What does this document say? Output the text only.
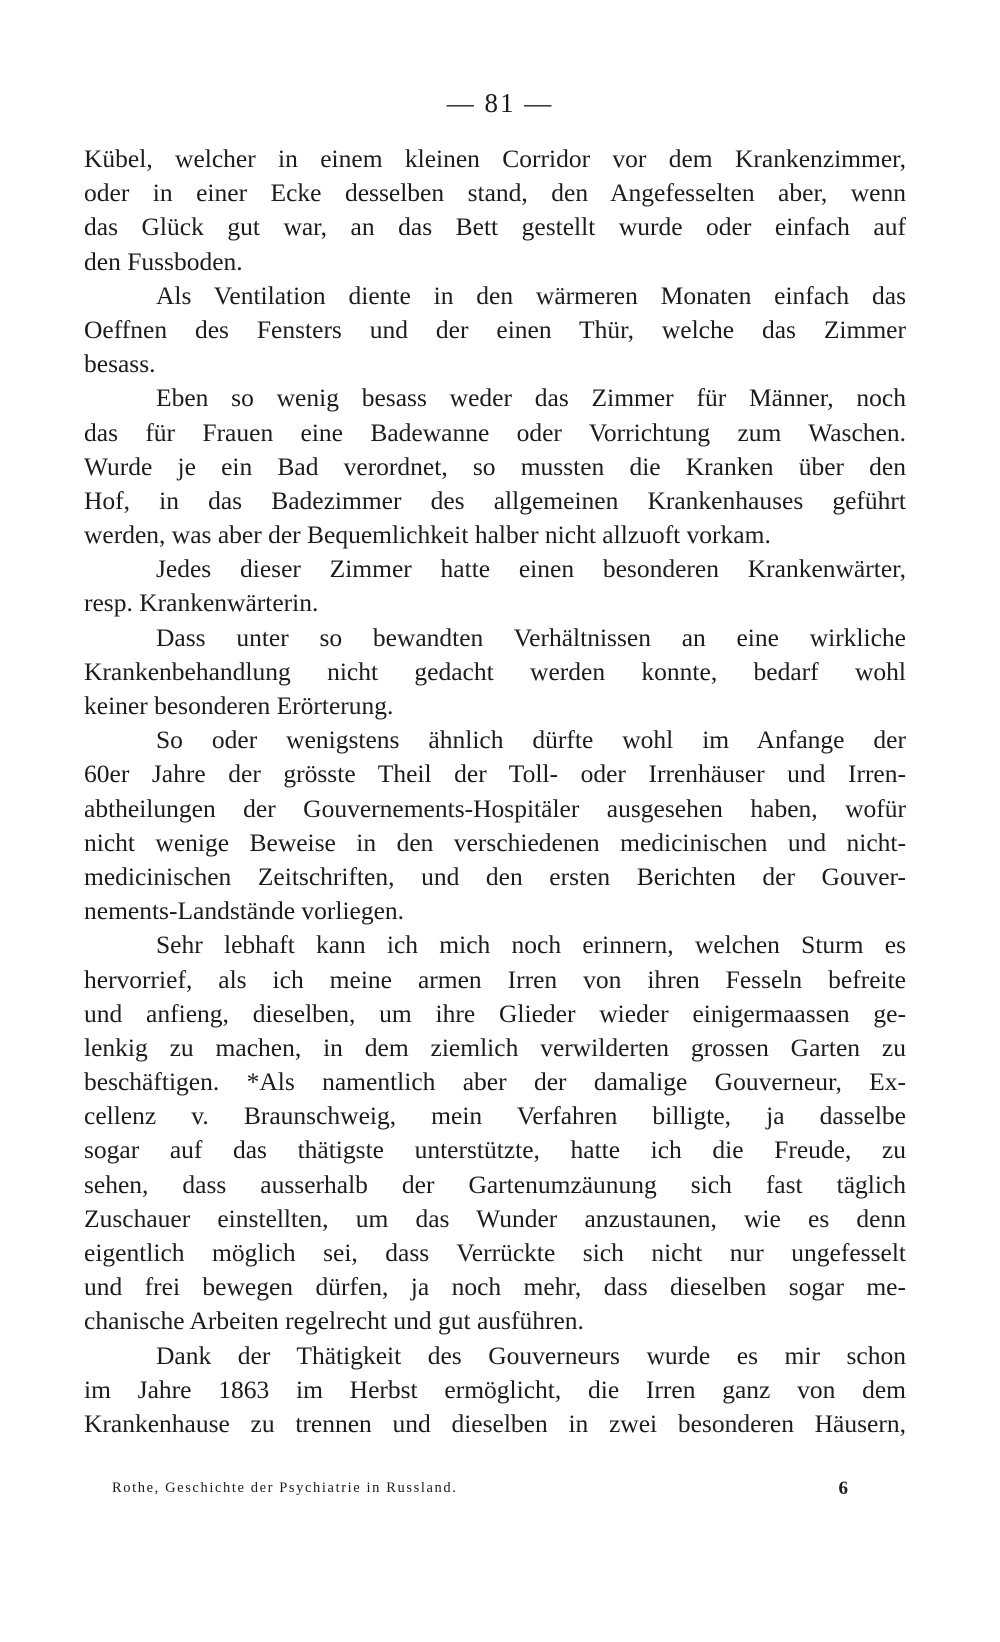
— 81 —
Kübel, welcher in einem kleinen Corridor vor dem Krankenzimmer,
oder in einer Ecke desselben stand, den Angefesselten aber, wenn
das Glück gut war, an das Bett gestellt wurde oder einfach auf
den Fussboden.
Als Ventilation diente in den wärmeren Monaten einfach das
Oeffnen des Fensters und der einen Thür, welche das Zimmer
besass.
Eben so wenig besass weder das Zimmer für Männer, noch
das für Frauen eine Badewanne oder Vorrichtung zum Waschen.
Wurde je ein Bad verordnet, so mussten die Kranken über den
Hof, in das Badezimmer des allgemeinen Krankenhauses geführt
werden, was aber der Bequemlichkeit halber nicht allzuoft vorkam.
Jedes dieser Zimmer hatte einen besonderen Krankenwärter,
resp. Krankenwärterin.
Dass unter so bewandten Verhältnissen an eine wirkliche
Krankenbehandlung nicht gedacht werden konnte, bedarf wohl
keiner besonderen Erörterung.
So oder wenigstens ähnlich dürfte wohl im Anfange der
60er Jahre der grösste Theil der Toll- oder Irrenhäuser und Irren-
abtheilungen der Gouvernements-Hospitäler ausgesehen haben, wofür
nicht wenige Beweise in den verschiedenen medicinischen und nicht-
medicinischen Zeitschriften, und den ersten Berichten der Gouver-
nements-Landstände vorliegen.
Sehr lebhaft kann ich mich noch erinnern, welchen Sturm es
hervorrief, als ich meine armen Irren von ihren Fesseln befreite
und anfieng, dieselben, um ihre Glieder wieder einigermaassen ge-
lenkig zu machen, in dem ziemlich verwilderten grossen Garten zu
beschäftigen. *Als namentlich aber der damalige Gouverneur, Ex-
cellenz v. Braunschweig, mein Verfahren billigte, ja dasselbe
sogar auf das thätigste unterstützte, hatte ich die Freude, zu
sehen, dass ausserhalb der Gartenumzäunung sich fast täglich
Zuschauer einstellten, um das Wunder anzustaunen, wie es denn
eigentlich möglich sei, dass Verrückte sich nicht nur ungefesselt
und frei bewegen dürfen, ja noch mehr, dass dieselben sogar me-
chanische Arbeiten regelrecht und gut ausführen.
Dank der Thätigkeit des Gouverneurs wurde es mir schon
im Jahre 1863 im Herbst ermöglicht, die Irren ganz von dem
Krankenhause zu trennen und dieselben in zwei besonderen Häusern,
Rothe, Geschichte der Psychiatrie in Russland.	6
